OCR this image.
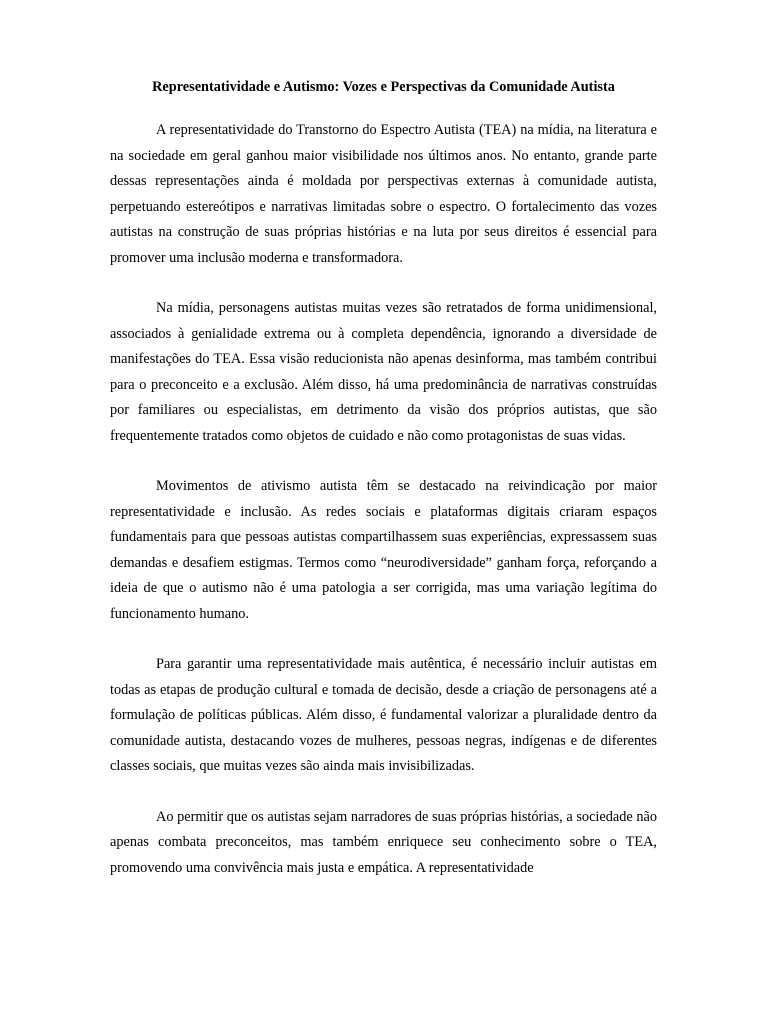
Representatividade e Autismo: Vozes e Perspectivas da Comunidade Autista

A representatividade do Transtorno do Espectro Autista (TEA) na mídia, na literatura e na sociedade em geral ganhou maior visibilidade nos últimos anos. No entanto, grande parte dessas representações ainda é moldada por perspectivas externas à comunidade autista, perpetuando estereótipos e narrativas limitadas sobre o espectro. O fortalecimento das vozes autistas na construção de suas próprias histórias e na luta por seus direitos é essencial para promover uma inclusão moderna e transformadora.

Na mídia, personagens autistas muitas vezes são retratados de forma unidimensional, associados à genialidade extrema ou à completa dependência, ignorando a diversidade de manifestações do TEA. Essa visão reducionista não apenas desinforma, mas também contribui para o preconceito e a exclusão. Além disso, há uma predominância de narrativas construídas por familiares ou especialistas, em detrimento da visão dos próprios autistas, que são frequentemente tratados como objetos de cuidado e não como protagonistas de suas vidas.

Movimentos de ativismo autista têm se destacado na reivindicação por maior representatividade e inclusão. As redes sociais e plataformas digitais criaram espaços fundamentais para que pessoas autistas compartilhassem suas experiências, expressassem suas demandas e desafiem estigmas. Termos como “neurodiversidade” ganham força, reforçando a ideia de que o autismo não é uma patologia a ser corrigida, mas uma variação legítima do funcionamento humano.

Para garantir uma representatividade mais autêntica, é necessário incluir autistas em todas as etapas de produção cultural e tomada de decisão, desde a criação de personagens até a formulação de políticas públicas. Além disso, é fundamental valorizar a pluralidade dentro da comunidade autista, destacando vozes de mulheres, pessoas negras, indígenas e de diferentes classes sociais, que muitas vezes são ainda mais invisibilizadas.

Ao permitir que os autistas sejam narradores de suas próprias histórias, a sociedade não apenas combata preconceitos, mas também enriquece seu conhecimento sobre o TEA, promovendo uma convivência mais justa e empática. A representatividade
